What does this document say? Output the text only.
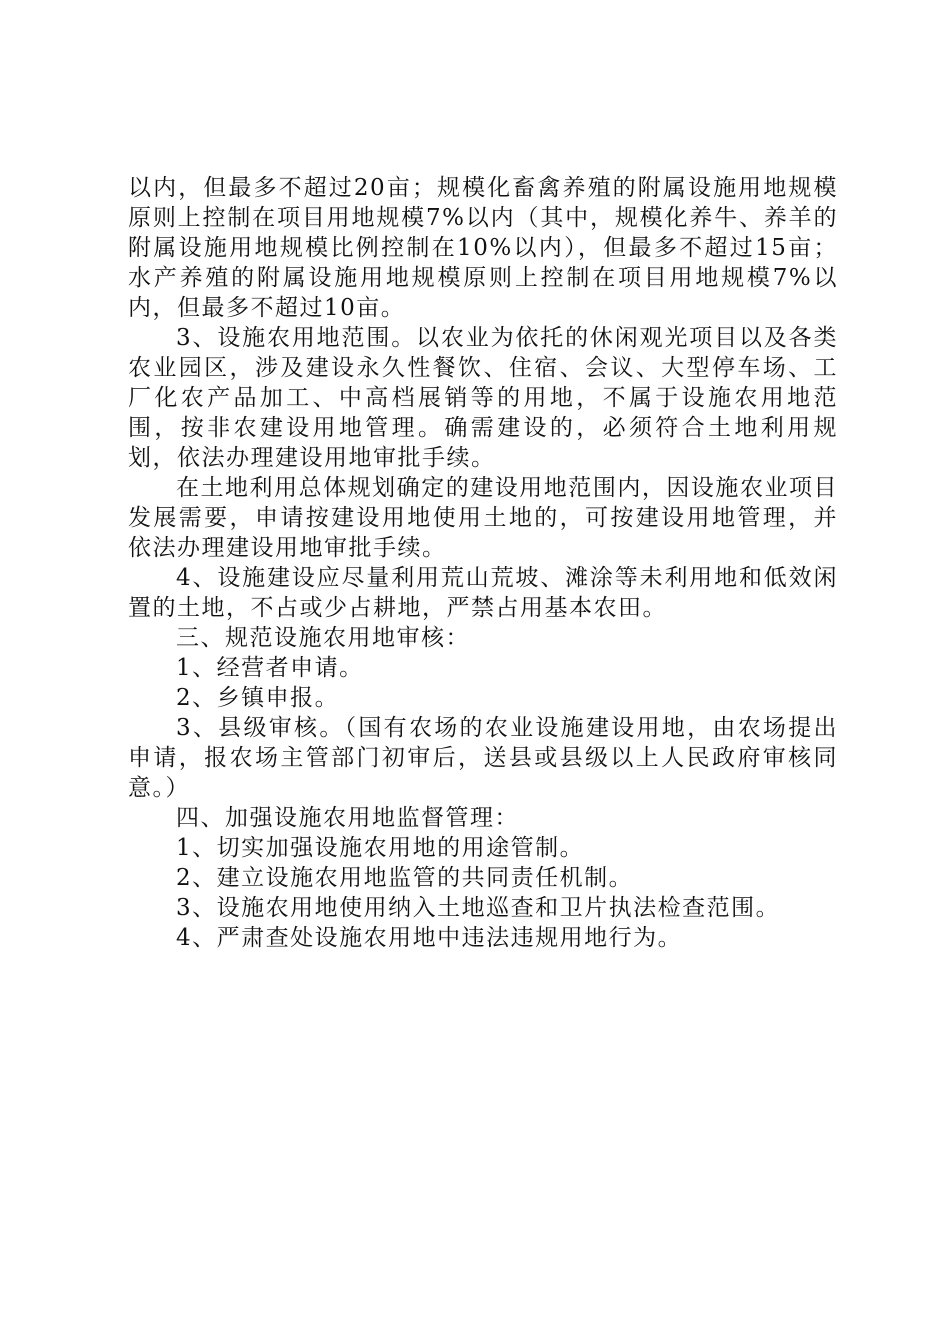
以内，但最多不超过20亩；规模化畜禽养殖的附属设施用地规模原则上控制在项目用地规模7%以内（其中，规模化养牛、养羊的附属设施用地规模比例控制在10%以内），但最多不超过15亩；水产养殖的附属设施用地规模原则上控制在项目用地规模7%以内，但最多不超过10亩。

3、设施农用地范围。以农业为依托的休闲观光项目以及各类农业园区，涉及建设永久性餐饮、住宿、会议、大型停车场、工厂化农产品加工、中高档展销等的用地，不属于设施农用地范围，按非农建设用地管理。确需建设的，必须符合土地利用规划，依法办理建设用地审批手续。

在土地利用总体规划确定的建设用地范围内，因设施农业项目发展需要，申请按建设用地使用土地的，可按建设用地管理，并依法办理建设用地审批手续。

4、设施建设应尽量利用荒山荒坡、滩涂等未利用地和低效闲置的土地，不占或少占耕地，严禁占用基本农田。

三、规范设施农用地审核：

1、经营者申请。

2、乡镇申报。

3、县级审核。（国有农场的农业设施建设用地，由农场提出申请，报农场主管部门初审后，送县或县级以上人民政府审核同意。）

四、加强设施农用地监督管理：

1、切实加强设施农用地的用途管制。

2、建立设施农用地监管的共同责任机制。

3、设施农用地使用纳入土地巡查和卫片执法检查范围。

4、严肃查处设施农用地中违法违规用地行为。
